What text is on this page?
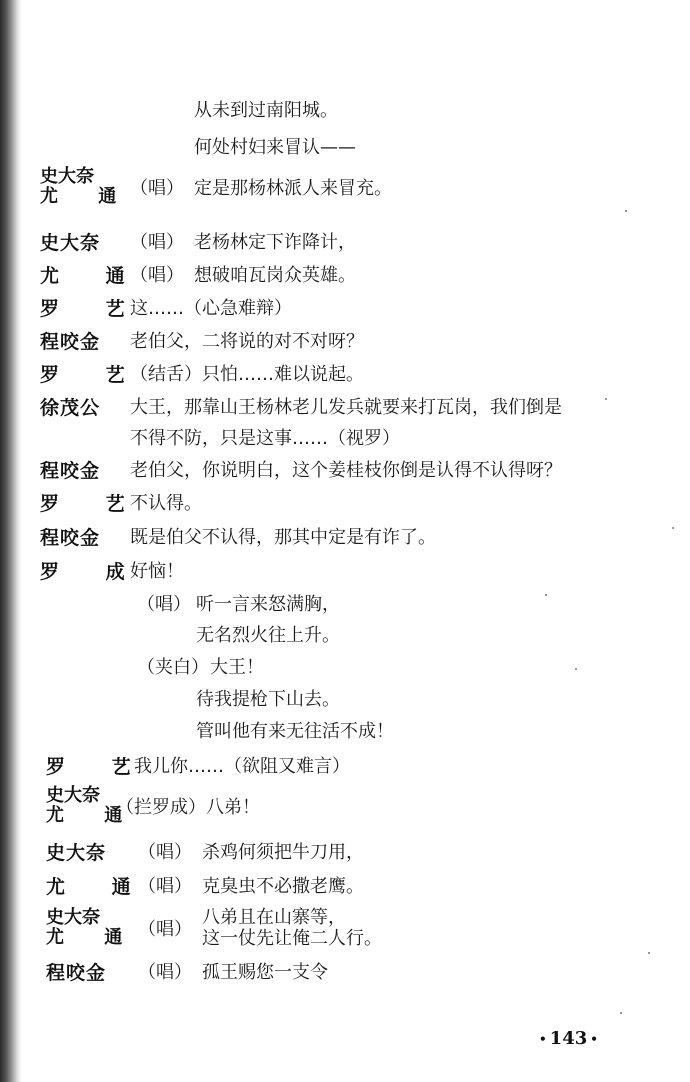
从未到过南阳城。
何处村妇来冒认——
史大奈
尤 通
（唱） 定是那杨林派人来冒充。
史大奈 （唱） 老杨林定下诈降计，
尤 通
（唱） 想破咱瓦岗众英雄。
罗 艺
这……（心急难辩）
程咬金 老伯父，二将说的对不对呀？
罗 艺
（结舌）只怕……难以说起。
徐茂公 大王，那靠山王杨林老儿发兵就要来打瓦岗，我们倒是
不得不防，只是这事……（视罗）
程咬金 老伯父，你说明白，这个姜桂枝你倒是认得不认得呀？
罗 艺
不认得。
程咬金 既是伯父不认得，那其中定是有诈了。
罗 成
好恼！
（唱） 听一言来怒满胸，
无名烈火往上升。
（夹白） 大王！
待我提枪下山去。
管叫他有来无往活不成！
罗 艺
我儿你……（欲阻又难言）
史大奈
尤 通
（拦罗成）八弟！
史大奈 （唱） 杀鸡何须把牛刀用，
尤 通
（唱） 克臭虫不必撒老鹰。
史大奈
尤 通
（唱）
八弟且在山寨等，
这一仗先让俺二人行。
程咬金 （唱） 孤王赐您一支令
• 143 •
